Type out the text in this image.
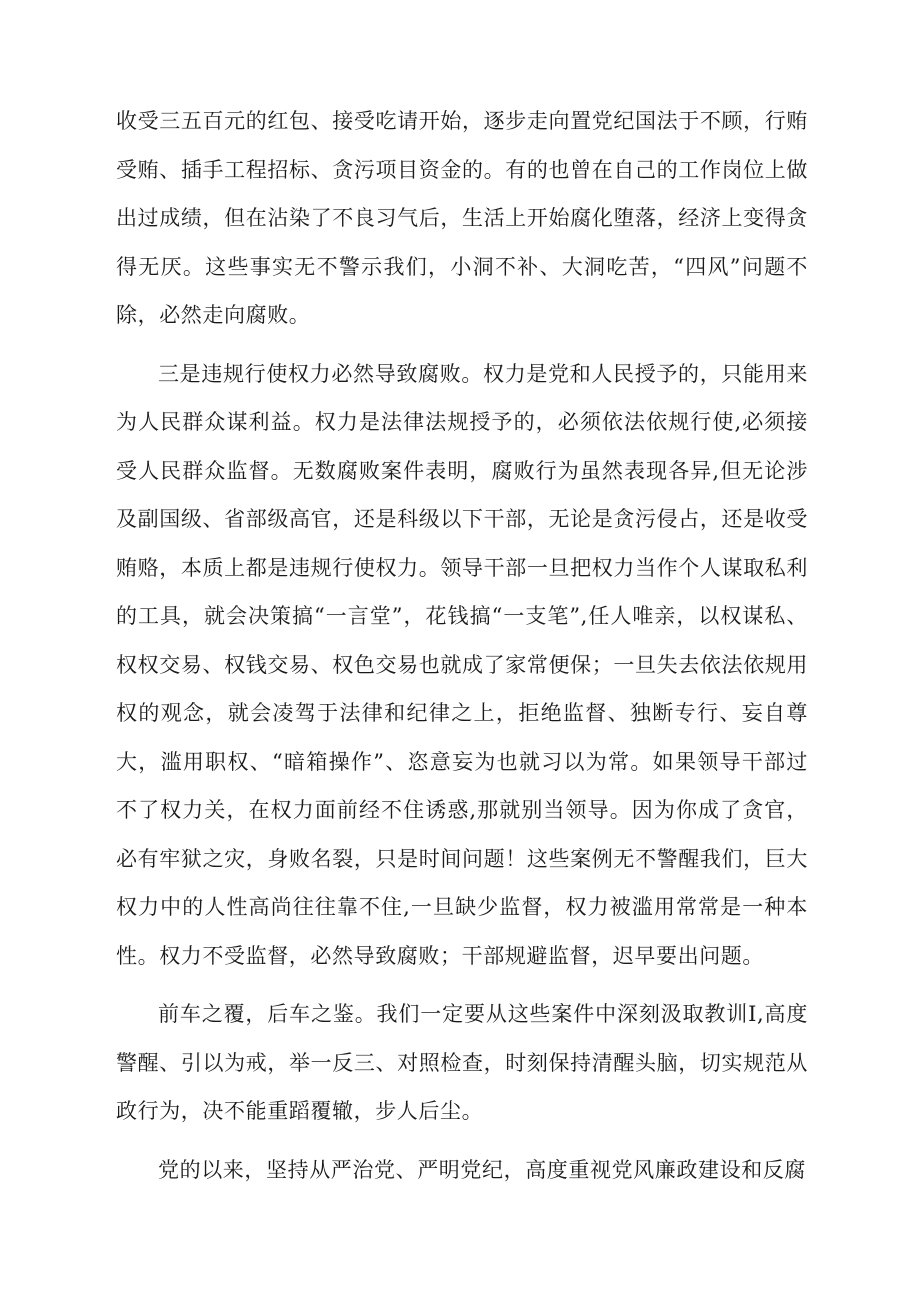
收受三五百元的红包、接受吃请开始，逐步走向置党纪国法于不顾，行贿受贿、插手工程招标、贪污项目资金的。有的也曾在自己的工作岗位上做出过成绩，但在沾染了不良习气后，生活上开始腐化堕落，经济上变得贪得无厌。这些事实无不警示我们，小洞不补、大洞吃苦，“四风”问题不除，必然走向腐败。

三是违规行使权力必然导致腐败。权力是党和人民授予的，只能用来为人民群众谋利益。权力是法律法规授予的，必须依法依规行使,必须接受人民群众监督。无数腐败案件表明，腐败行为虽然表现各异,但无论涉及副国级、省部级高官，还是科级以下干部，无论是贪污侵占，还是收受贿赂，本质上都是违规行使权力。领导干部一旦把权力当作个人谋取私利的工具，就会决策搞“一言堂”，花钱搞“一支笔”,任人唯亲，以权谋私、权权交易、权钱交易、权色交易也就成了家常便保；一旦失去依法依规用权的观念，就会凌驾于法律和纪律之上，拒绝监督、独断专行、妄自尊大，滥用职权、“暗箱操作”、恣意妄为也就习以为常。如果领导干部过不了权力关，在权力面前经不住诱惑,那就别当领导。因为你成了贪官，必有牢狱之灾，身败名裂，只是时间问题！这些案例无不警醒我们，巨大权力中的人性高尚往往靠不住,一旦缺少监督，权力被滥用常常是一种本性。权力不受监督，必然导致腐败；干部规避监督，迟早要出问题。

前车之覆，后车之鉴。我们一定要从这些案件中深刻汲取教训I,高度警醒、引以为戒，举一反三、对照检查，时刻保持清醒头脑，切实规范从政行为，决不能重蹈覆辙，步人后尘。

党的以来，坚持从严治党、严明党纪，高度重视党风廉政建设和反腐
